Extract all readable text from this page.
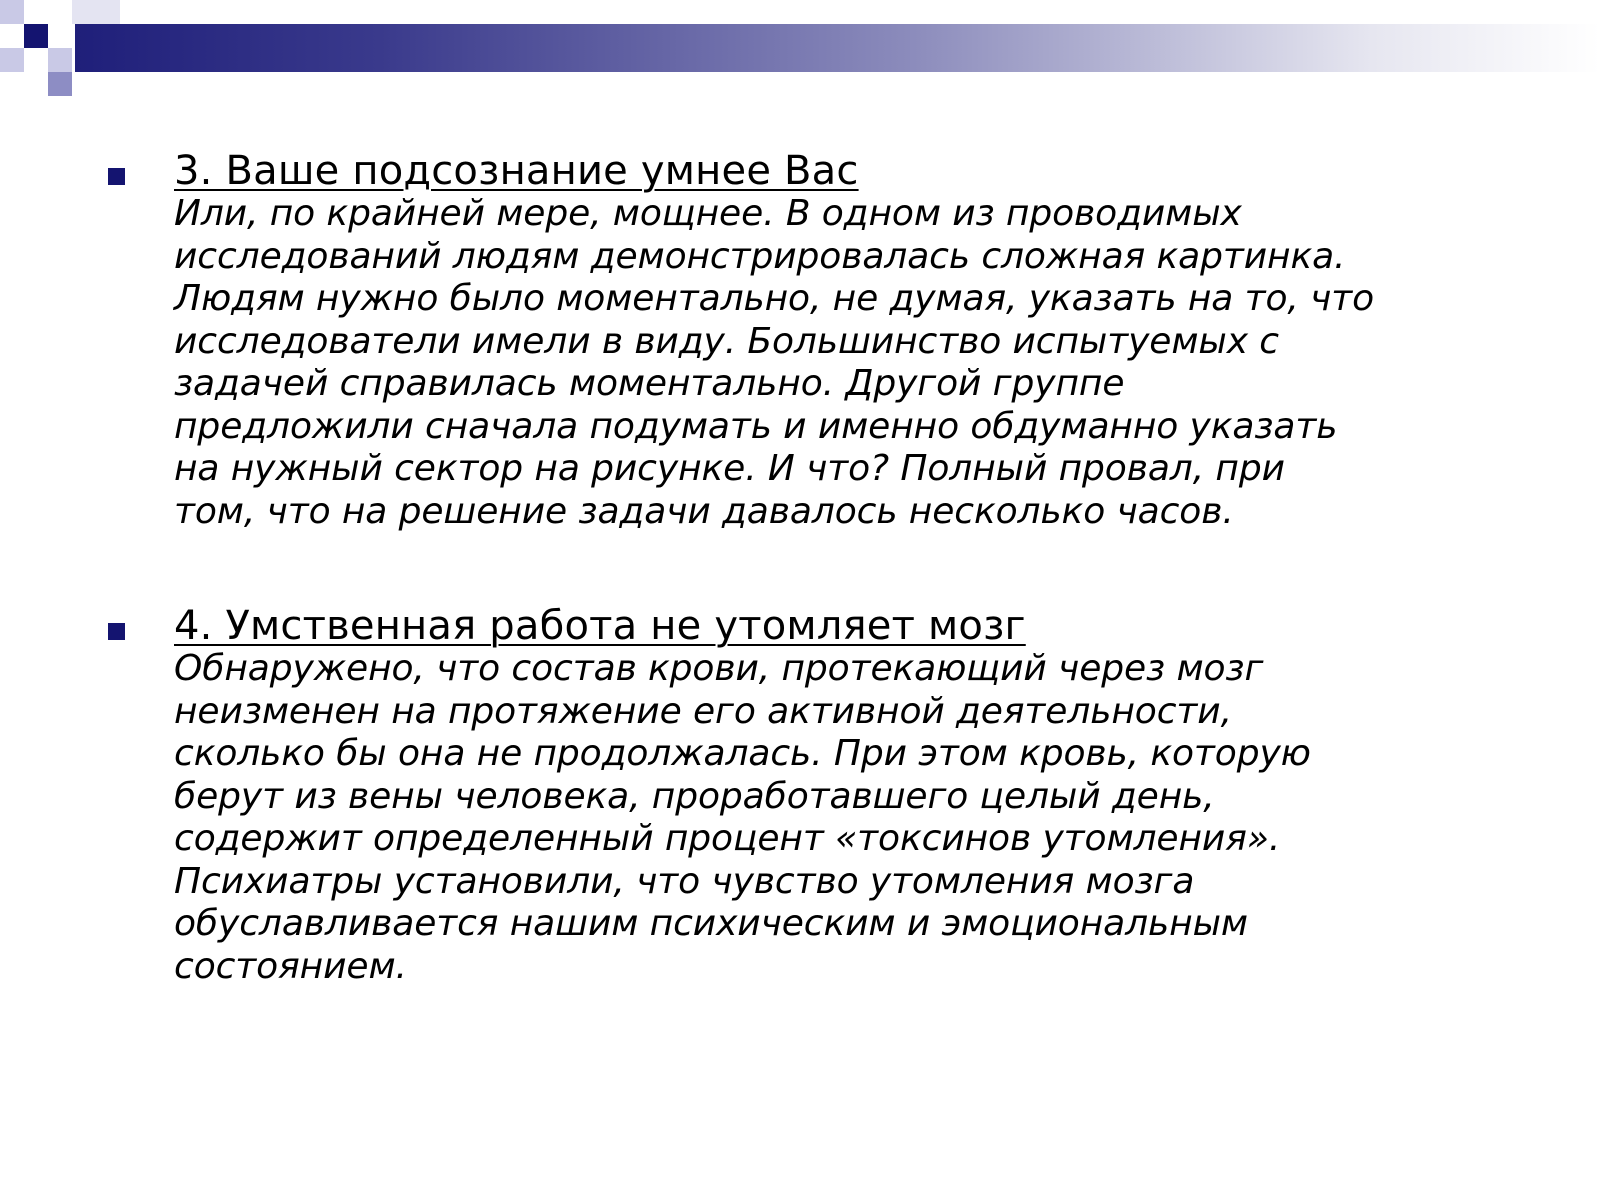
3. Ваше подсознание умнее Вас
Или, по крайней мере, мощнее. В одном из проводимых
исследований людям демонстрировалась сложная картинка.
Людям нужно было моментально, не думая, указать на то, что
исследователи имели в виду. Большинство испытуемых с
задачей справилась моментально. Другой группе
предложили сначала подумать и именно обдуманно указать
на нужный сектор на рисунке. И что? Полный провал, при
том, что на решение задачи давалось несколько часов.
4. Умственная работа не утомляет мозг
Обнаружено, что состав крови, протекающий через мозг
неизменен на протяжение его активной деятельности,
сколько бы она не продолжалась. При этом кровь, которую
берут из вены человека, проработавшего целый день,
содержит определенный процент «токсинов утомления».
Психиатры установили, что чувство утомления мозга
обуславливается нашим психическим и эмоциональным
состоянием.
